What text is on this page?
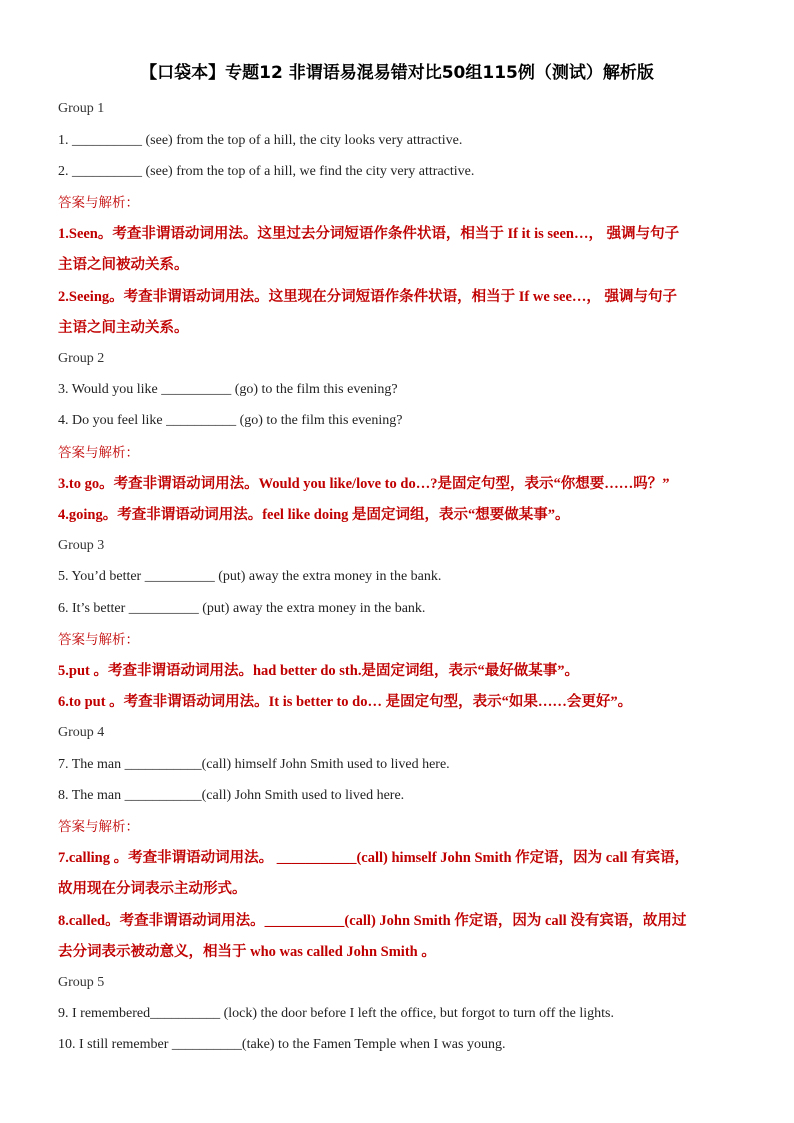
【口袋本】专题12 非谓语易混易错对比50组115例（测试）解析版
Group 1
1. __________ (see) from the top of a hill, the city looks very attractive.
2. __________ (see) from the top of a hill, we find the city very attractive.
答案与解析：
1.Seen。考查非谓语动词用法。这里过去分词短语作条件状语，相当于 If it is seen…， 强调与句子
主语之间被动关系。
2.Seeing。考查非谓语动词用法。这里现在分词短语作条件状语，相当于 If we see…， 强调与句子
主语之间主动关系。
Group 2
3. Would you like __________ (go) to the film this evening?
4. Do you feel like __________ (go) to the film this evening?
答案与解析：
3.to go。考查非谓语动词用法。Would you like/love to do…?是固定句型，表示“你想要……吗？”
4.going。考查非谓语动词用法。feel like doing 是固定词组，表示“想要做某事”。
Group 3
5. You’d better __________ (put) away the extra money in the bank.
6. It’s better __________ (put) away the extra money in the bank.
答案与解析：
5.put 。考查非谓语动词用法。had better do sth.是固定词组，表示“最好做某事”。
6.to put 。考查非谓语动词用法。It is better to do… 是固定句型，表示“如果……会更好”。
Group 4
7. The man ___________(call) himself John Smith used to lived here.
8. The man ___________(call) John Smith used to lived here.
答案与解析：
7.calling 。考查非谓语动词用法。 ___________(call) himself John Smith 作定语，因为 call 有宾语，
故用现在分词表示主动形式。
8.called。考查非谓语动词用法。___________(call) John Smith 作定语，因为 call 没有宾语，故用过
去分词表示被动意义，相当于 who was called John Smith 。
Group 5
9. I remembered__________ (lock) the door before I left the office, but forgot to turn off the lights.
10. I still remember __________(take) to the Famen Temple when I was young.
